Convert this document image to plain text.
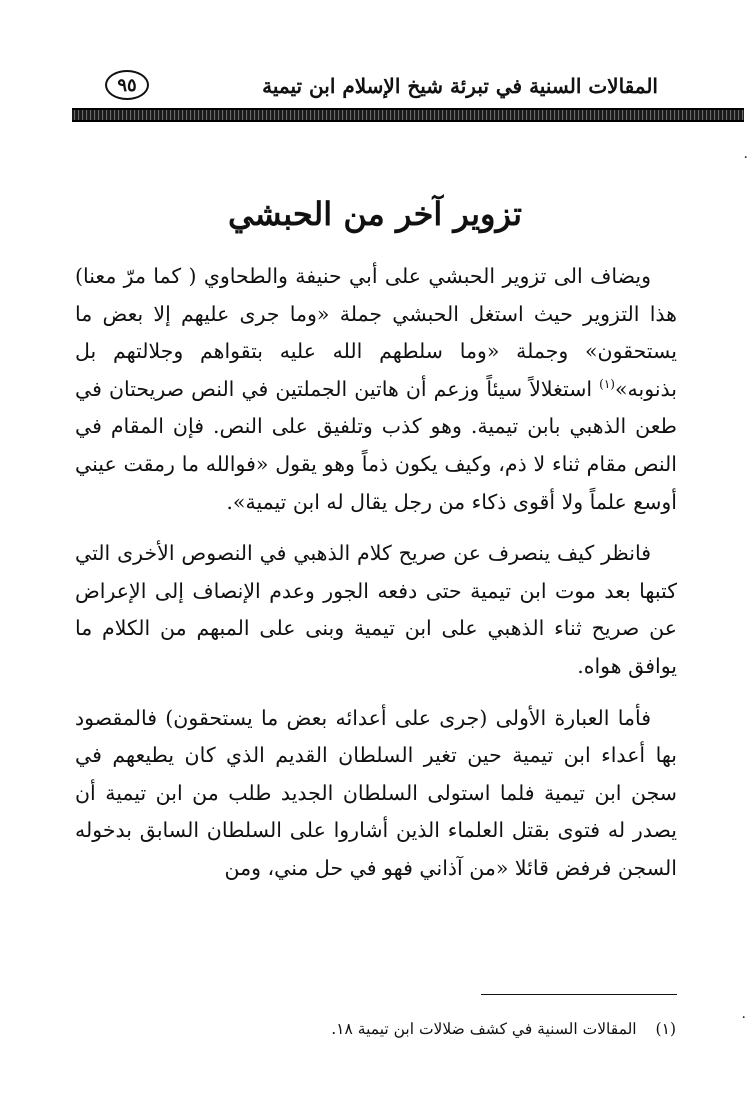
المقالات السنية في تبرئة شيخ الإسلام ابن تيمية
٩٥
تزوير آخر من الحبشي

ويضاف الى تزوير الحبشي على أبي حنيفة والطحاوي ( كما مرّ معنا) هذا التزوير حيث استغل الحبشي جملة «وما جرى عليهم إلا بعض ما يستحقون» وجملة «وما سلطهم الله عليه بتقواهم وجلالتهم بل بذنوبه»$^{(١)}$ استغلالاً سيئاً وزعم أن هاتين الجملتين في النص صريحتان في طعن الذهبي بابن تيمية. وهو كذب وتلفيق على النص. فإن المقام في النص مقام ثناء لا ذم، وكيف يكون ذماً وهو يقول «فوالله ما رمقت عيني أوسع علماً ولا أقوى ذكاء من رجل يقال له ابن تيمية».

فانظر كيف ينصرف عن صريح كلام الذهبي في النصوص الأخرى التي كتبها بعد موت ابن تيمية حتى دفعه الجور وعدم الإنصاف إلى الإعراض عن صريح ثناء الذهبي على ابن تيمية وبنى على المبهم من الكلام ما يوافق هواه.

فأما العبارة الأولى (جرى على أعدائه بعض ما يستحقون) فالمقصود بها أعداء ابن تيمية حين تغير السلطان القديم الذي كان يطيعهم في سجن ابن تيمية فلما استولى السلطان الجديد طلب من ابن تيمية أن يصدر له فتوى بقتل العلماء الذين أشاروا على السلطان السابق بدخوله السجن فرفض قائلا «من آذاني فهو في حل مني، ومن

(١) المقالات السنية في كشف ضلالات ابن تيمية ١٨.
·
·
